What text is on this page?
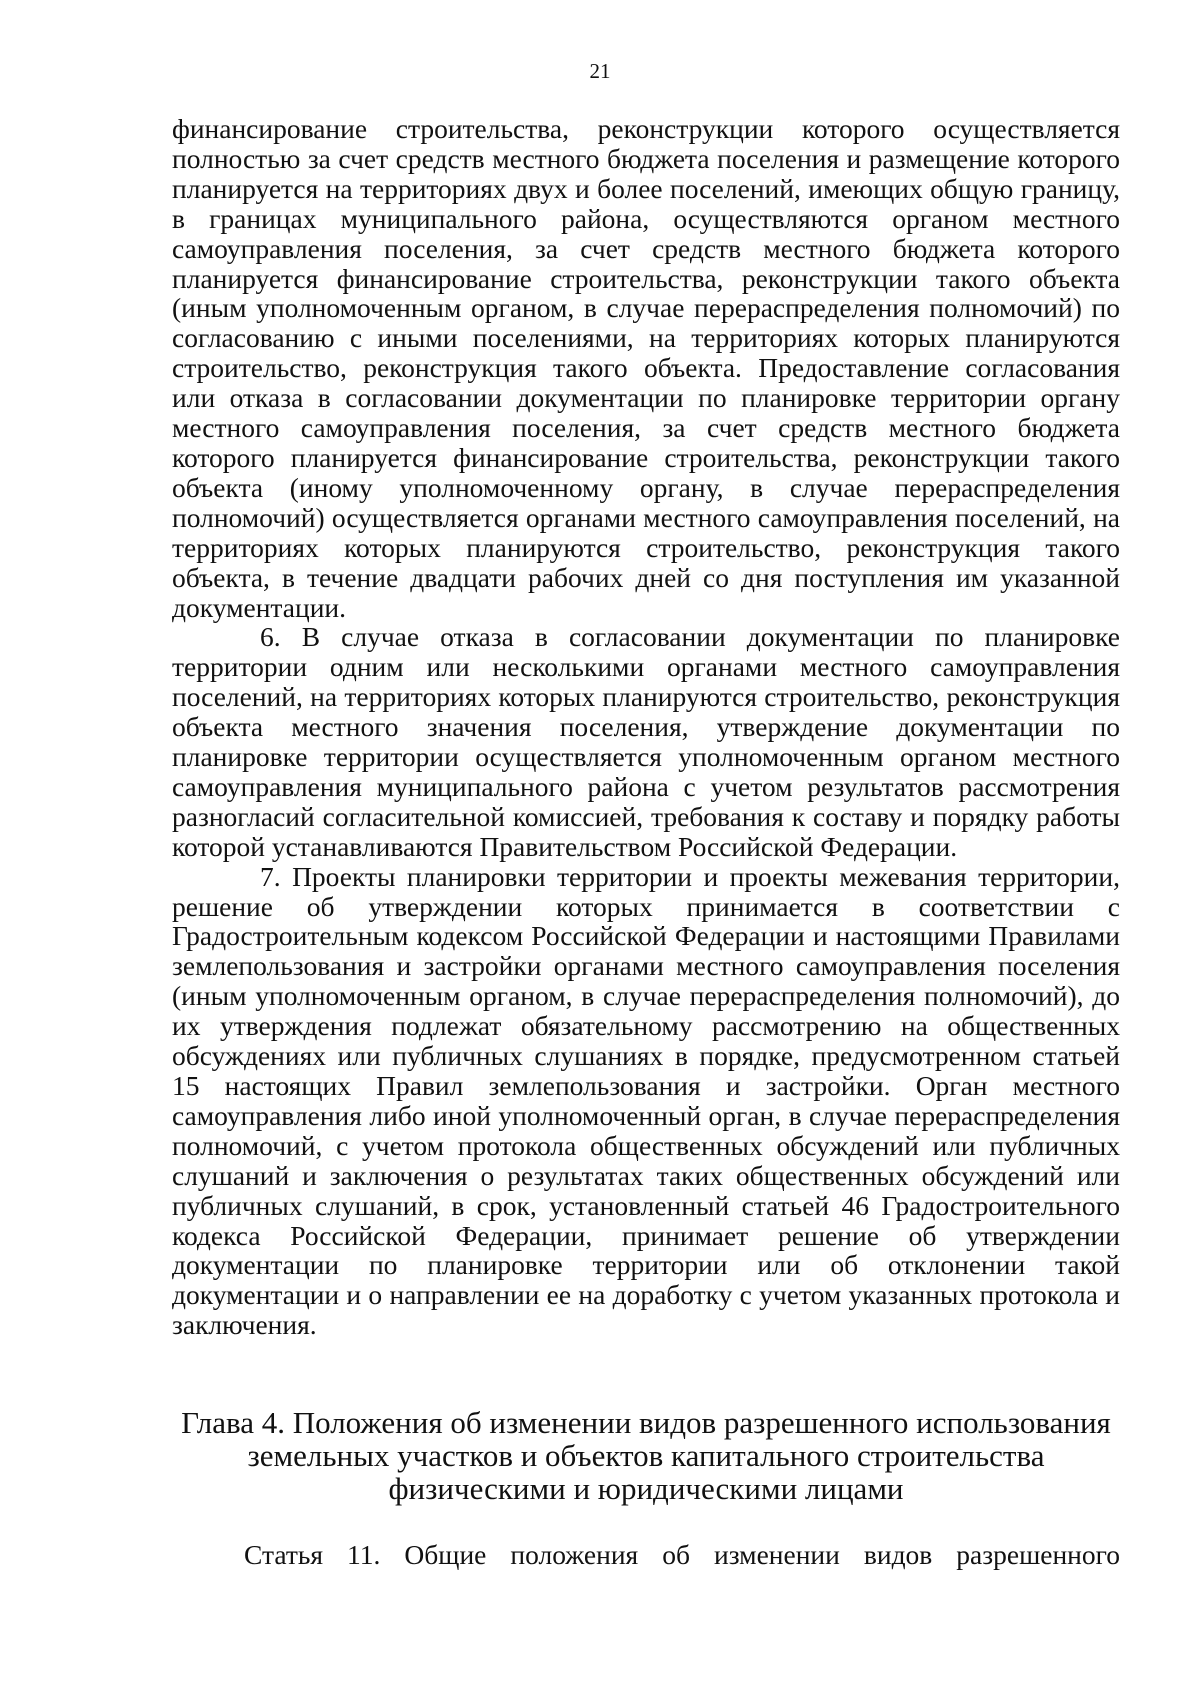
21

финансирование строительства, реконструкции которого осуществляется полностью за счет средств местного бюджета поселения и размещение которого планируется на территориях двух и более поселений, имеющих общую границу, в границах муниципального района, осуществляются органом местного самоуправления поселения, за счет средств местного бюджета которого планируется финансирование строительства, реконструкции такого объекта (иным уполномоченным органом, в случае перераспределения полномочий) по согласованию с иными поселениями, на территориях которых планируются строительство, реконструкция такого объекта. Предоставление согласования или отказа в согласовании документации по планировке территории органу местного самоуправления поселения, за счет средств местного бюджета которого планируется финансирование строительства, реконструкции такого объекта (иному уполномоченному органу, в случае перераспределения полномочий) осуществляется органами местного самоуправления поселений, на территориях которых планируются строительство, реконструкция такого объекта, в течение двадцати рабочих дней со дня поступления им указанной документации.

6. В случае отказа в согласовании документации по планировке территории одним или несколькими органами местного самоуправления поселений, на территориях которых планируются строительство, реконструкция объекта местного значения поселения, утверждение документации по планировке территории осуществляется уполномоченным органом местного самоуправления муниципального района с учетом результатов рассмотрения разногласий согласительной комиссией, требования к составу и порядку работы которой устанавливаются Правительством Российской Федерации.

7. Проекты планировки территории и проекты межевания территории, решение об утверждении которых принимается в соответствии с Градостроительным кодексом Российской Федерации и настоящими Правилами землепользования и застройки органами местного самоуправления поселения (иным уполномоченным органом, в случае перераспределения полномочий), до их утверждения подлежат обязательному рассмотрению на общественных обсуждениях или публичных слушаниях в порядке, предусмотренном статьей 15 настоящих Правил землепользования и застройки. Орган местного самоуправления либо иной уполномоченный орган, в случае перераспределения полномочий, с учетом протокола общественных обсуждений или публичных слушаний и заключения о результатах таких общественных обсуждений или публичных слушаний, в срок, установленный статьей 46 Градостроительного кодекса Российской Федерации, принимает решение об утверждении документации по планировке территории или об отклонении такой документации и о направлении ее на доработку с учетом указанных протокола и заключения.

Глава 4. Положения об изменении видов разрешенного использования земельных участков и объектов капитального строительства физическими и юридическими лицами
Статья 11. Общие положения об изменении видов разрешенного
